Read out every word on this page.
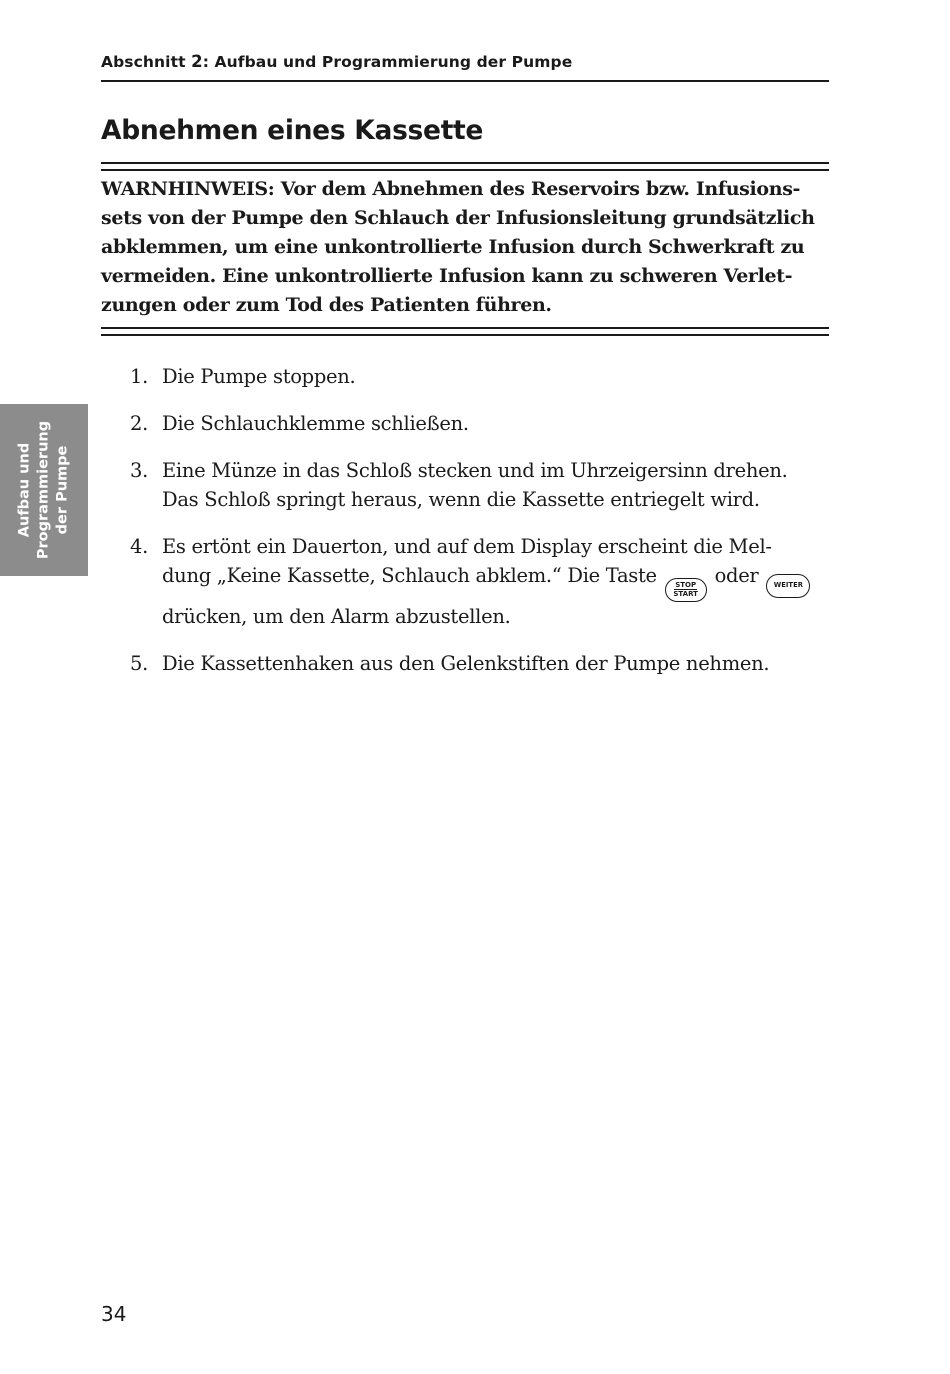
Abschnitt 2: Aufbau und Programmierung der Pumpe
Abnehmen eines Kassette
WARNHINWEIS: Vor dem Abnehmen des Reservoirs bzw. Infusions-
sets von der Pumpe den Schlauch der Infusionsleitung grundsätzlich
abklemmen, um eine unkontrollierte Infusion durch Schwerkraft zu
vermeiden. Eine unkontrollierte Infusion kann zu schweren Verlet-
zungen oder zum Tod des Patienten führen.
1. Die Pumpe stoppen.
2. Die Schlauchklemme schließen.
3. Eine Münze in das Schloß stecken und im Uhrzeigersinn drehen.
Das Schloß springt heraus, wenn die Kassette entriegelt wird.
4. Es ertönt ein Dauerton, und auf dem Display erscheint die Mel-
dung „Keine Kassette, Schlauch abklem.“ Die Taste STOP
START
oder WEITER
drücken, um den Alarm abzustellen.
5. Die Kassettenhaken aus den Gelenkstiften der Pumpe nehmen.
Aufbau und Programmierung der Pumpe
34
